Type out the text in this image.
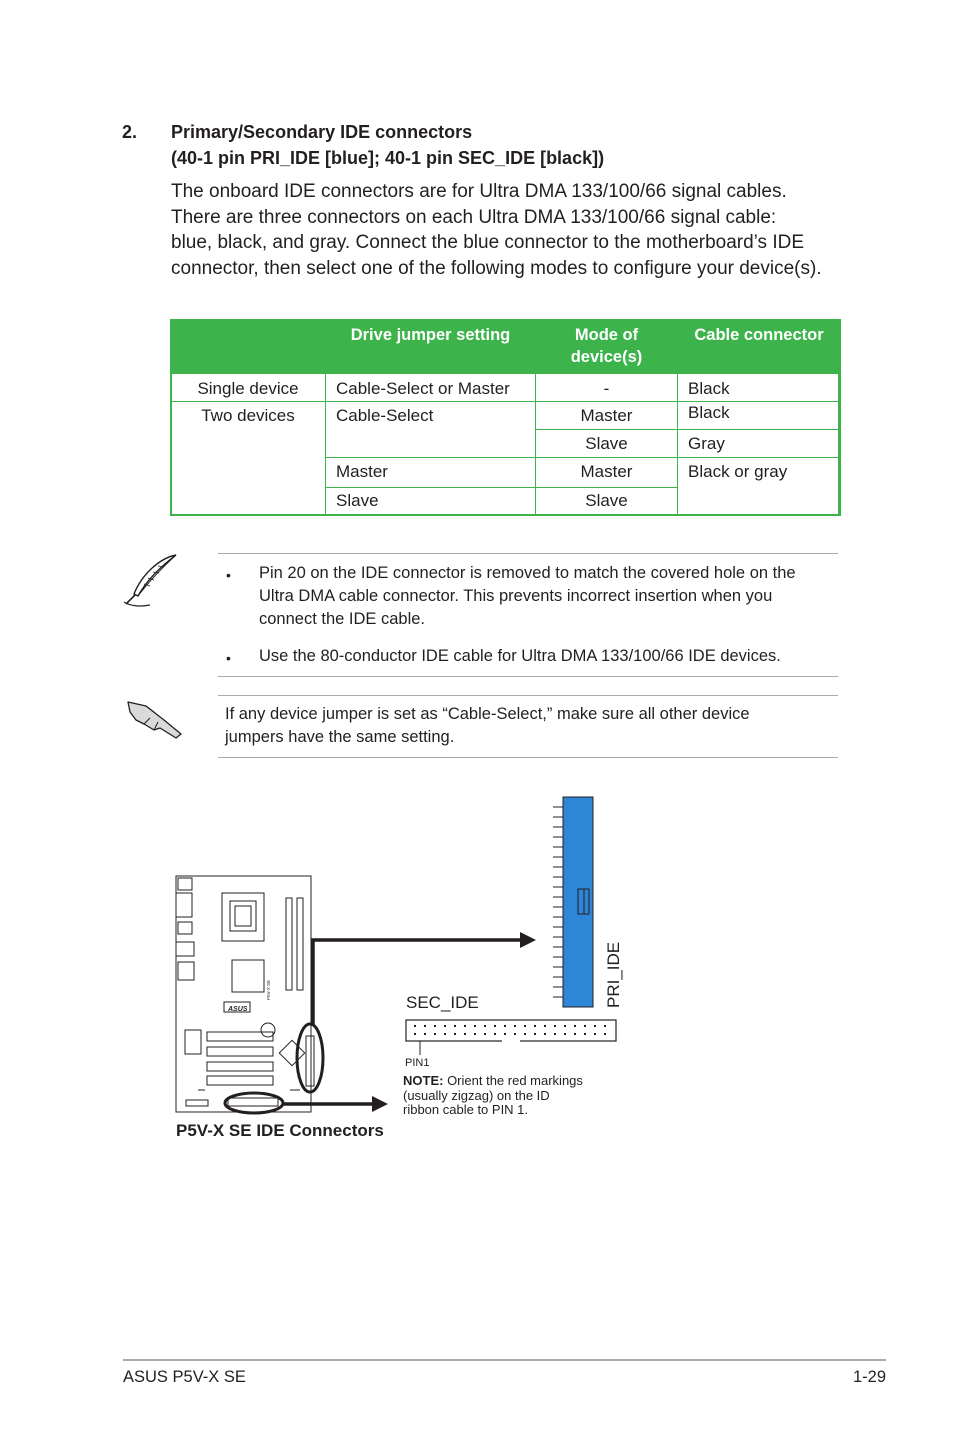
2. Primary/Secondary IDE connectors
(40-1 pin PRI_IDE [blue]; 40-1 pin SEC_IDE [black])
The onboard IDE connectors are for Ultra DMA 133/100/66 signal cables.
There are three connectors on each Ultra DMA 133/100/66 signal cable:
blue, black, and gray. Connect the blue connector to the motherboard’s IDE
connector, then select one of the following modes to configure your device(s).
	Drive jumper setting	Mode of
device(s)	Cable connector
Single device	Cable-Select or Master	-	Black
Two devices	Cable-Select	Master	Black
		Slave	Gray
	Master	Master	Black or gray
	Slave	Slave	
• Pin 20 on the IDE connector is removed to match the covered hole on the
Ultra DMA cable connector. This prevents incorrect insertion when you
connect the IDE cable.
• Use the 80-conductor IDE cable for Ultra DMA 133/100/66 IDE devices.
If any device jumper is set as “Cable-Select,” make sure all other device
jumpers have the same setting.
P5V-X SE
ASUS
PRI_IDE
SEC_IDE
PIN1
NOTE: Orient the red markings (usually zigzag) on the ID ribbon cable to PIN 1.
P5V-X SE IDE Connectors
ASUS P5V-X SE	1-29
